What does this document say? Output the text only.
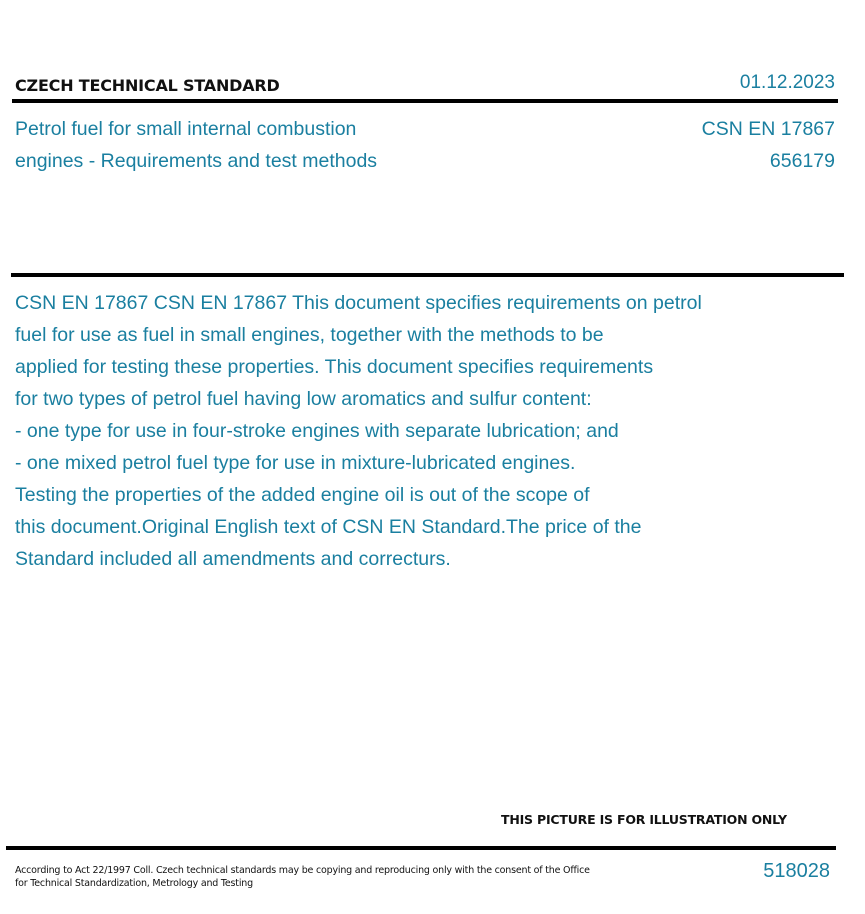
CZECH TECHNICAL STANDARD	01.12.2023
Petrol fuel for small internal combustion
engines - Requirements and test methods
CSN EN 17867
656179

CSN EN 17867 CSN EN 17867 This document specifies requirements on petrol

fuel for use as fuel in small engines, together with the methods to be

applied for testing these properties. This document specifies requirements

for two types of petrol fuel having low aromatics and sulfur content:

- one type for use in four-stroke engines with separate lubrication; and

- one mixed petrol fuel type for use in mixture-lubricated engines.

Testing the properties of the added engine oil is out of the scope of

this document.Original English text of CSN EN Standard.The price of the

Standard included all amendments and correcturs.

THIS PICTURE IS FOR ILLUSTRATION ONLY

According to Act 22/1997 Coll. Czech technical standards may be copying and reproducing only with the consent of the Office

for Technical Standardization, Metrology and Testing

518028
